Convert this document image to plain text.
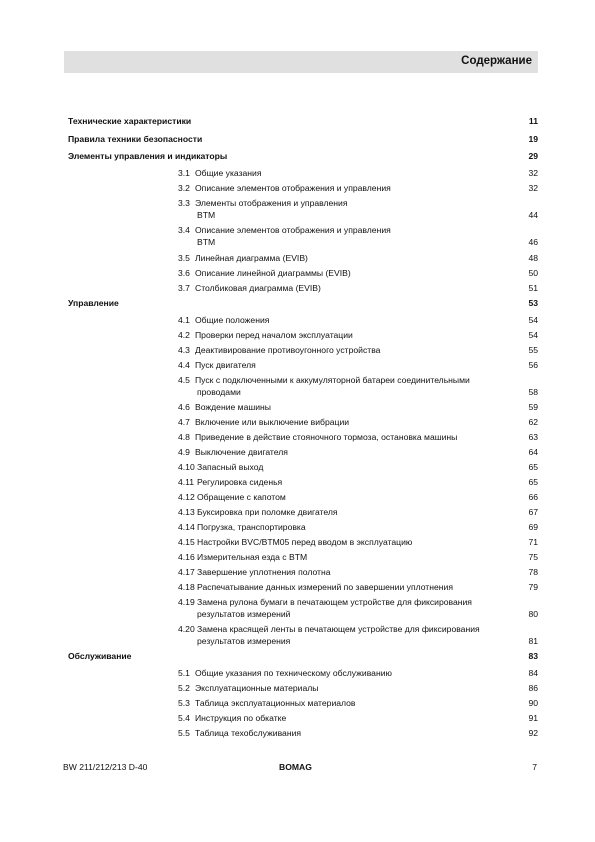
Содержание
Технические характеристики	11
Правила техники безопасности	19
Элементы управления и индикаторы	29
3.1 Общие указания	32
3.2 Описание элементов отображения и управления	32
3.3 Элементы отображения и управления
BTM	44
3.4 Описание элементов отображения и управления
BTM	46
3.5 Линейная диаграмма (EVIB)	48
3.6 Описание линейной диаграммы (EVIB)	50
3.7 Столбиковая диаграмма (EVIB)	51
Управление	53
4.1 Общие положения	54
4.2 Проверки перед началом эксплуатации	54
4.3 Деактивирование противоугонного устройства	55
4.4 Пуск двигателя	56
4.5 Пуск с подключенными к аккумуляторной батареи соединительными
проводами	58
4.6 Вождение машины	59
4.7 Включение или выключение вибрации	62
4.8 Приведение в действие стояночного тормоза, остановка машины	63
4.9 Выключение двигателя	64
4.10 Запасный выход	65
4.11 Регулировка сиденья	65
4.12 Обращение с капотом	66
4.13 Буксировка при поломке двигателя	67
4.14 Погрузка, транспортировка	69
4.15 Настройки BVC/BTM05 перед вводом в эксплуатацию	71
4.16 Измерительная езда с BTM	75
4.17 Завершение уплотнения полотна	78
4.18 Распечатывание данных измерений по завершении уплотнения	79
4.19 Замена рулона бумаги в печатающем устройстве для фиксирования
результатов измерений	80
4.20 Замена красящей ленты в печатающем устройстве для фиксирования
результатов измерения	81
Обслуживание	83
5.1 Общие указания по техническому обслуживанию	84
5.2 Эксплуатационные материалы	86
5.3 Таблица эксплуатационных материалов	90
5.4 Инструкция по обкатке	91
5.5 Таблица техобслуживания	92
BW 211/212/213 D-40	BOMAG	7
